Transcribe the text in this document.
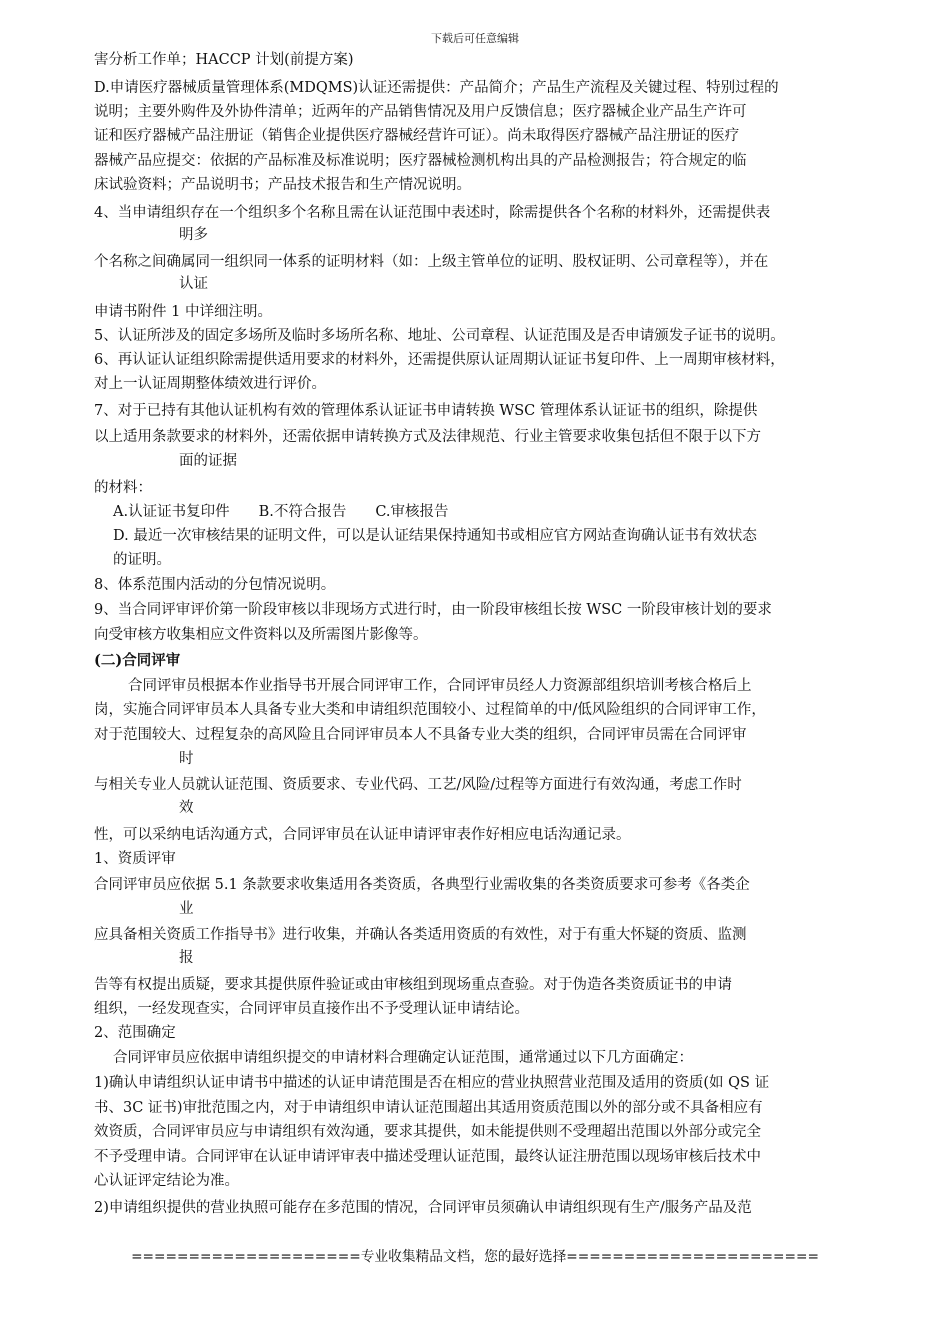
下载后可任意编辑
害分析工作单；HACCP 计划(前提方案)
D.申请医疗器械质量管理体系(MDQMS)认证还需提供：产品简介；产品生产流程及关键过程、特别过程的
说明；主要外购件及外协件清单；近两年的产品销售情况及用户反馈信息；医疗器械企业产品生产许可
证和医疗器械产品注册证（销售企业提供医疗器械经营许可证）。尚未取得医疗器械产品注册证的医疗
器械产品应提交：依据的产品标准及标准说明；医疗器械检测机构出具的产品检测报告；符合规定的临
床试验资料；产品说明书；产品技术报告和生产情况说明。
4、当申请组织存在一个组织多个名称且需在认证范围中表述时，除需提供各个名称的材料外，还需提供表
明多
个名称之间确属同一组织同一体系的证明材料（如：上级主管单位的证明、股权证明、公司章程等），并在
认证
申请书附件 1 中详细注明。
5、认证所涉及的固定多场所及临时多场所名称、地址、公司章程、认证范围及是否申请颁发子证书的说明。
6、再认证认证组织除需提供适用要求的材料外，还需提供原认证周期认证证书复印件、上一周期审核材料，
对上一认证周期整体绩效进行评价。
7、对于已持有其他认证机构有效的管理体系认证证书申请转换 WSC 管理体系认证证书的组织，除提供
以上适用条款要求的材料外，还需依据申请转换方式及法律规范、行业主管要求收集包括但不限于以下方
面的证据
的材料：
A.认证证书复印件　　B.不符合报告　　C.审核报告
D. 最近一次审核结果的证明文件，可以是认证结果保持通知书或相应官方网站查询确认证书有效状态
的证明。
8、体系范围内活动的分包情况说明。
9、当合同评审评价第一阶段审核以非现场方式进行时，由一阶段审核组长按 WSC 一阶段审核计划的要求
向受审核方收集相应文件资料以及所需图片影像等。
(二)合同评审
合同评审员根据本作业指导书开展合同评审工作，合同评审员经人力资源部组织培训考核合格后上
岗，实施合同评审员本人具备专业大类和申请组织范围较小、过程简单的中/低风险组织的合同评审工作，
对于范围较大、过程复杂的高风险且合同评审员本人不具备专业大类的组织，合同评审员需在合同评审
时
与相关专业人员就认证范围、资质要求、专业代码、工艺/风险/过程等方面进行有效沟通，考虑工作时
效
性，可以采纳电话沟通方式，合同评审员在认证申请评审表作好相应电话沟通记录。
1、资质评审
合同评审员应依据 5.1 条款要求收集适用各类资质，各典型行业需收集的各类资质要求可参考《各类企
业
应具备相关资质工作指导书》进行收集，并确认各类适用资质的有效性，对于有重大怀疑的资质、监测
报
告等有权提出质疑，要求其提供原件验证或由审核组到现场重点查验。对于伪造各类资质证书的申请
组织，一经发现查实，合同评审员直接作出不予受理认证申请结论。
2、范围确定
合同评审员应依据申请组织提交的申请材料合理确定认证范围，通常通过以下几方面确定：
1)确认申请组织认证申请书中描述的认证申请范围是否在相应的营业执照营业范围及适用的资质(如 QS 证
书、3C 证书)审批范围之内，对于申请组织申请认证范围超出其适用资质范围以外的部分或不具备相应有
效资质，合同评审员应与申请组织有效沟通，要求其提供，如未能提供则不受理超出范围以外部分或完全
不予受理申请。合同评审在认证申请评审表中描述受理认证范围，最终认证注册范围以现场审核后技术中
心认证评定结论为准。
2)申请组织提供的营业执照可能存在多范围的情况，合同评审员须确认申请组织现有生产/服务产品及范
====================专业收集精品文档，您的最好选择======================
